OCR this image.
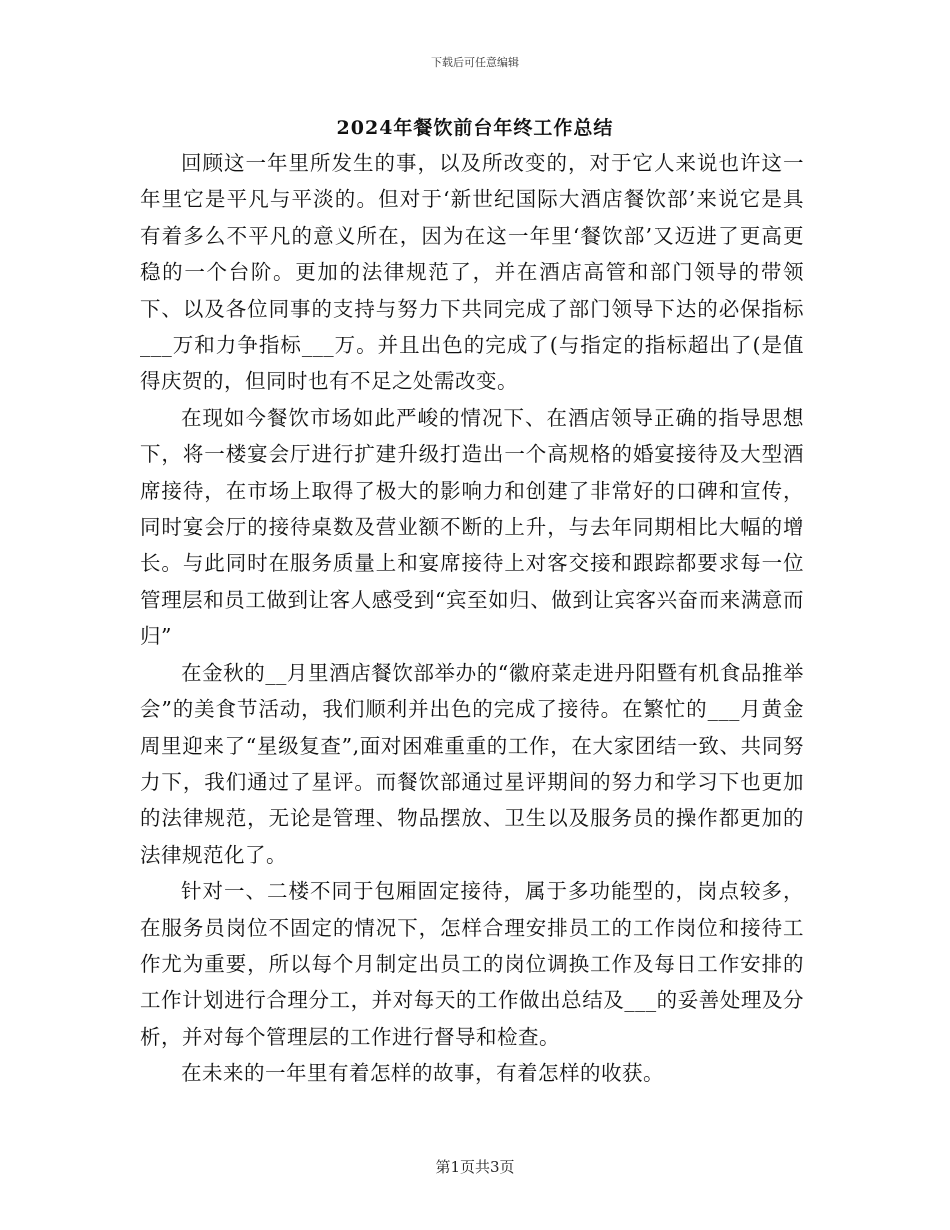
下载后可任意编辑
2024年餐饮前台年终工作总结

回顾这一年里所发生的事，以及所改变的，对于它人来说也许这一年里它是平凡与平淡的。但对于‘新世纪国际大酒店餐饮部’来说它是具有着多么不平凡的意义所在，因为在这一年里‘餐饮部’又迈进了更高更稳的一个台阶。更加的法律规范了，并在酒店高管和部门领导的带领下、以及各位同事的支持与努力下共同完成了部门领导下达的必保指标___万和力争指标___万。并且出色的完成了(与指定的指标超出了(是值得庆贺的，但同时也有不足之处需改变。

在现如今餐饮市场如此严峻的情况下、在酒店领导正确的指导思想下，将一楼宴会厅进行扩建升级打造出一个高规格的婚宴接待及大型酒席接待，在市场上取得了极大的影响力和创建了非常好的口碑和宣传，同时宴会厅的接待桌数及营业额不断的上升，与去年同期相比大幅的增长。与此同时在服务质量上和宴席接待上对客交接和跟踪都要求每一位管理层和员工做到让客人感受到“宾至如归、做到让宾客兴奋而来满意而归”

在金秋的__月里酒店餐饮部举办的“徽府菜走进丹阳暨有机食品推举会”的美食节活动，我们顺利并出色的完成了接待。在繁忙的___月黄金周里迎来了“星级复查”,面对困难重重的工作，在大家团结一致、共同努力下，我们通过了星评。而餐饮部通过星评期间的努力和学习下也更加的法律规范，无论是管理、物品摆放、卫生以及服务员的操作都更加的法律规范化了。

针对一、二楼不同于包厢固定接待，属于多功能型的，岗点较多，在服务员岗位不固定的情况下，怎样合理安排员工的工作岗位和接待工作尤为重要，所以每个月制定出员工的岗位调换工作及每日工作安排的工作计划进行合理分工，并对每天的工作做出总结及___的妥善处理及分析，并对每个管理层的工作进行督导和检查。

在未来的一年里有着怎样的故事，有着怎样的收获。

第1页共3页
